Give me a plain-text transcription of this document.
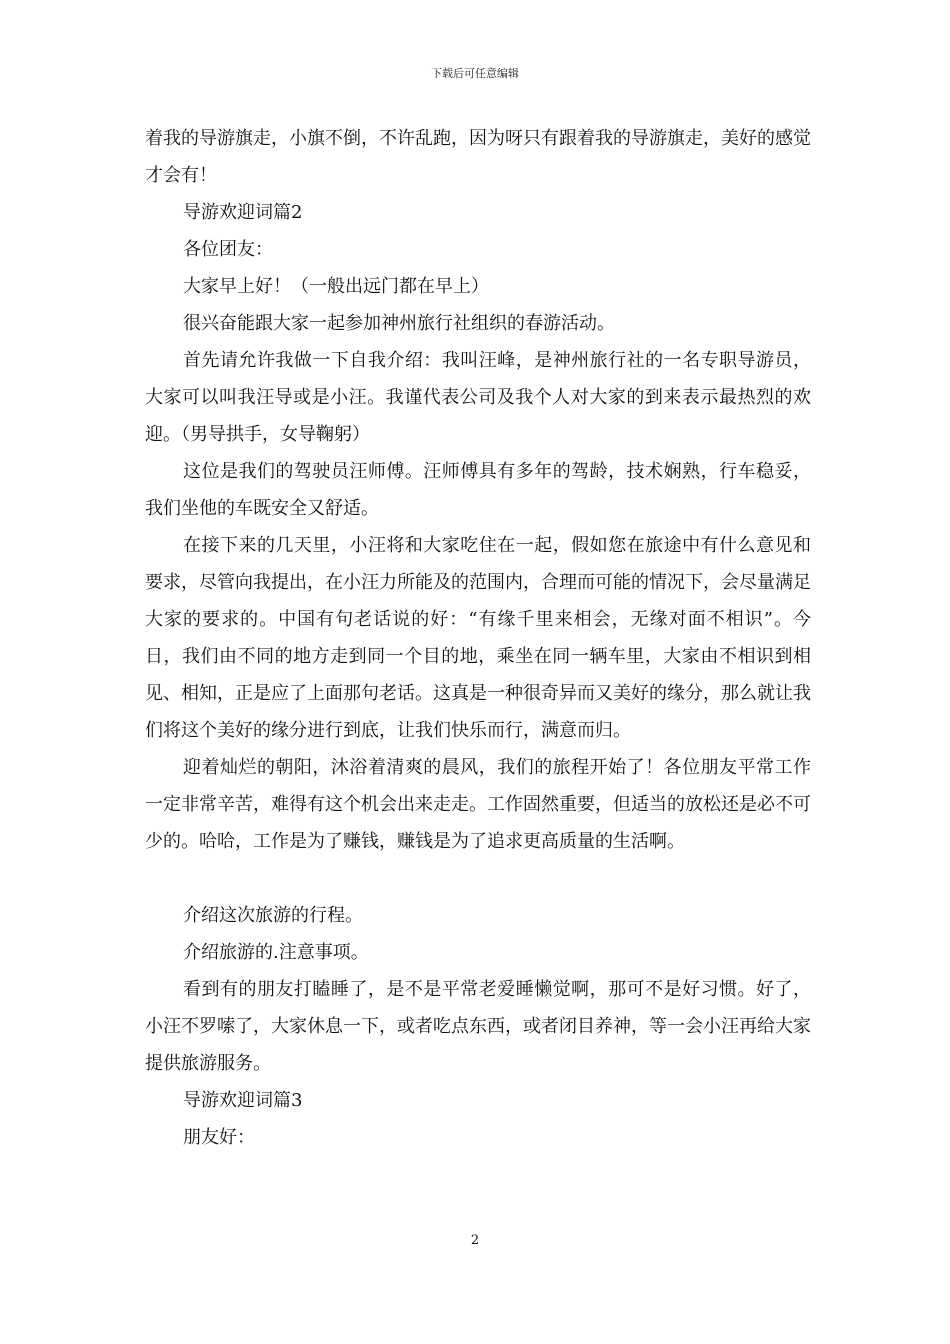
下载后可任意编辑

着我的导游旗走，小旗不倒，不许乱跑，因为呀只有跟着我的导游旗走，美好的感觉才会有！

导游欢迎词篇2

各位团友：

大家早上好！（一般出远门都在早上）

很兴奋能跟大家一起参加神州旅行社组织的春游活动。

首先请允许我做一下自我介绍：我叫汪峰，是神州旅行社的一名专职导游员，大家可以叫我汪导或是小汪。我谨代表公司及我个人对大家的到来表示最热烈的欢迎。（男导拱手，女导鞠躬）

这位是我们的驾驶员汪师傅。汪师傅具有多年的驾龄，技术娴熟，行车稳妥，我们坐他的车既安全又舒适。

在接下来的几天里，小汪将和大家吃住在一起，假如您在旅途中有什么意见和要求，尽管向我提出，在小汪力所能及的范围内，合理而可能的情况下，会尽量满足大家的要求的。中国有句老话说的好：“有缘千里来相会，无缘对面不相识”。今日，我们由不同的地方走到同一个目的地，乘坐在同一辆车里，大家由不相识到相见、相知，正是应了上面那句老话。这真是一种很奇异而又美好的缘分，那么就让我们将这个美好的缘分进行到底，让我们快乐而行，满意而归。

迎着灿烂的朝阳，沐浴着清爽的晨风，我们的旅程开始了！各位朋友平常工作一定非常辛苦，难得有这个机会出来走走。工作固然重要，但适当的放松还是必不可少的。哈哈，工作是为了赚钱，赚钱是为了追求更高质量的生活啊。

介绍这次旅游的行程。

介绍旅游的.注意事项。

看到有的朋友打瞌睡了，是不是平常老爱睡懒觉啊，那可不是好习惯。好了，小汪不罗嗦了，大家休息一下，或者吃点东西，或者闭目养神，等一会小汪再给大家提供旅游服务。

导游欢迎词篇3

朋友好：

2
